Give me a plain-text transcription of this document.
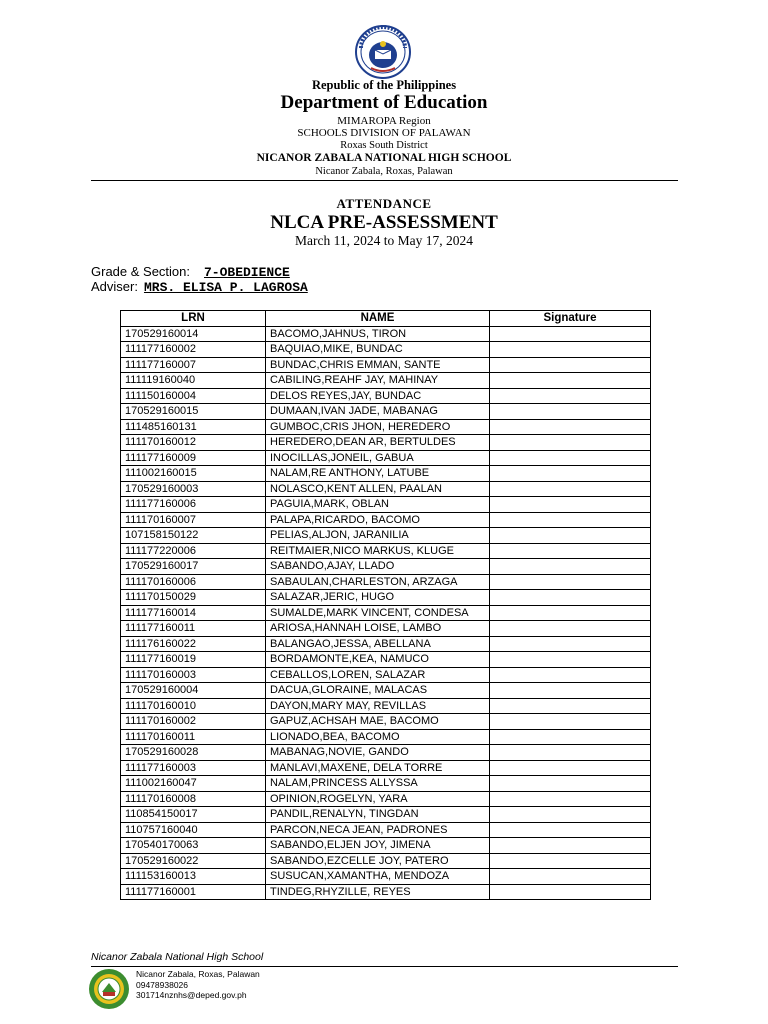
Republic of the Philippines
Department of Education
MIMAROPA Region
SCHOOLS DIVISION OF PALAWAN
Roxas South District
NICANOR ZABALA NATIONAL HIGH SCHOOL
Nicanor Zabala, Roxas, Palawan
ATTENDANCE
NLCA PRE-ASSESSMENT
March 11, 2024 to May 17, 2024
Grade & Section: 7-OBEDIENCE
Adviser: MRS. ELISA P. LAGROSA
LRN	NAME	Signature
170529160014	BACOMO,JAHNUS, TIRON	
111177160002	BAQUIAO,MIKE, BUNDAC	
111177160007	BUNDAC,CHRIS EMMAN, SANTE	
111119160040	CABILING,REAHF JAY, MAHINAY	
111150160004	DELOS REYES,JAY, BUNDAC	
170529160015	DUMAAN,IVAN JADE, MABANAG	
111485160131	GUMBOC,CRIS JHON, HEREDERO	
111170160012	HEREDERO,DEAN AR, BERTULDES	
111177160009	INOCILLAS,JONEIL, GABUA	
111002160015	NALAM,RE ANTHONY, LATUBE	
170529160003	NOLASCO,KENT ALLEN, PAALAN	
111177160006	PAGUIA,MARK, OBLAN	
111170160007	PALAPA,RICARDO, BACOMO	
107158150122	PELIAS,ALJON, JARANILIA	
111177220006	REITMAIER,NICO MARKUS, KLUGE	
170529160017	SABANDO,AJAY, LLADO	
111170160006	SABAULAN,CHARLESTON, ARZAGA	
111170150029	SALAZAR,JERIC, HUGO	
111177160014	SUMALDE,MARK VINCENT, CONDESA	
111177160011	ARIOSA,HANNAH LOISE, LAMBO	
111176160022	BALANGAO,JESSA, ABELLANA	
111177160019	BORDAMONTE,KEA, NAMUCO	
111170160003	CEBALLOS,LOREN, SALAZAR	
170529160004	DACUA,GLORAINE, MALACAS	
111170160010	DAYON,MARY MAY, REVILLAS	
111170160002	GAPUZ,ACHSAH MAE, BACOMO	
111170160011	LIONADO,BEA, BACOMO	
170529160028	MABANAG,NOVIE, GANDO	
111177160003	MANLAVI,MAXENE, DELA TORRE	
111002160047	NALAM,PRINCESS ALLYSSA	
111170160008	OPINION,ROGELYN, YARA	
110854150017	PANDIL,RENALYN, TINGDAN	
110757160040	PARCON,NECA JEAN, PADRONES	
170540170063	SABANDO,ELJEN JOY, JIMENA	
170529160022	SABANDO,EZCELLE JOY, PATERO	
111153160013	SUSUCAN,XAMANTHA, MENDOZA	
111177160001	TINDEG,RHYZILLE, REYES	
Nicanor Zabala National High School
Nicanor Zabala, Roxas, Palawan
09478938026
301714nznhs@deped.gov.ph
